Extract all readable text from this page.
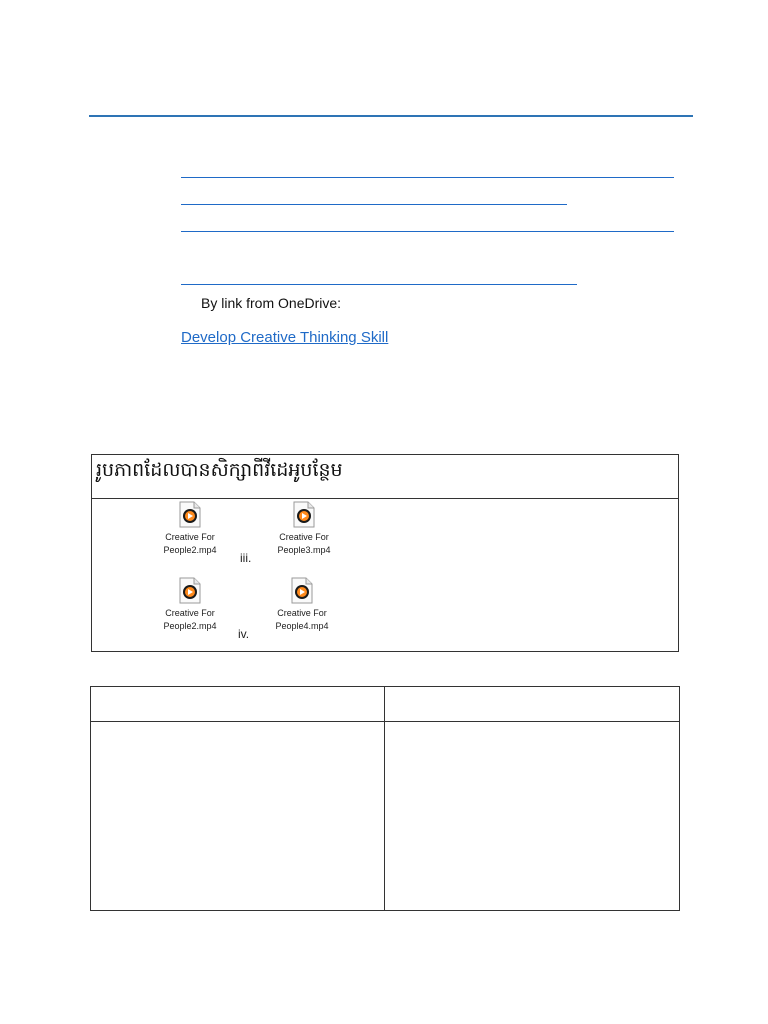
By link from OneDrive:
Develop Creative Thinking Skill
រូបភាពដែលបានសិក្សាពីវីដេអូបន្ថែម
Creative For
People2.mp4
iii.
Creative For
People3.mp4
Creative For
People2.mp4
iv.
Creative For
People4.mp4
